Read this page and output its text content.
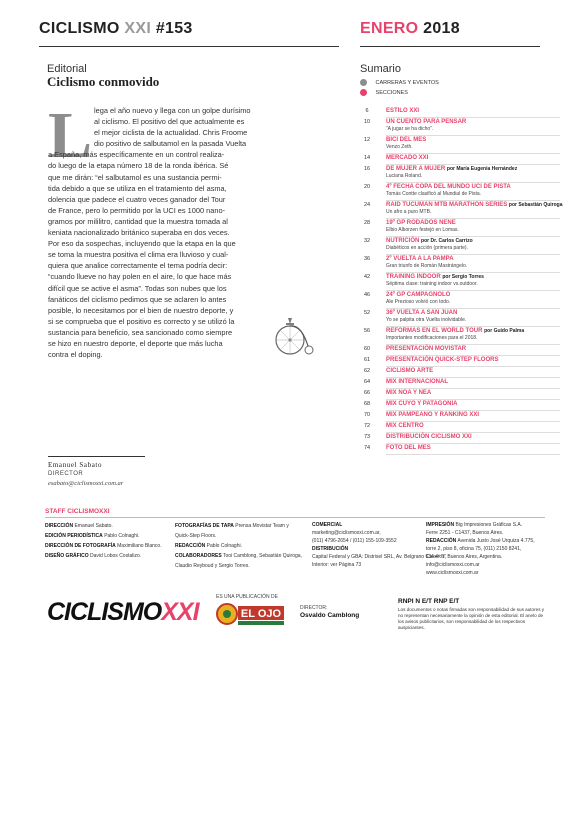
CICLISMO XXI #153	ENERO 2018
Editorial
Ciclismo conmovido
L lega el año nuevo y llega con un golpe durísimo
al ciclismo. El positivo del que actualmente es
el mejor ciclista de la actualidad. Chris Froome
dio positivo de salbutamol en la pasada Vuelta
a España, más específicamente en un control realiza-
do luego de la etapa número 18 de la ronda ibérica. Sé
que me dirán: “el salbutamol es una sustancia permi-
tida debido a que se utiliza en el tratamiento del asma,
dolencia que padece el cuatro veces ganador del Tour
de France, pero lo permitido por la UCI es 1000 nano-
gramos por mililitro, cantidad que la muestra tomada al
keniata nacionalizado británico superaba en dos veces.
Por eso da sospechas, incluyendo que la etapa en la que
se toma la muestra positiva el clima era lluvioso y cual-
quiera que analice correctamente el tema podría decir:
“cuando llueve no hay polen en el aire, lo que hace más
difícil que se active el asma”. Todas son nubes que los
fanáticos del ciclismo pedimos que se aclaren lo antes
posible, lo necesitamos por el bien de nuestro deporte, y
si se comprueba que el positivo es correcto y se utilizó la
sustancia para beneficio, sea sancionado como siempre
se hizo en nuestro deporte, el deporte que más lucha
contra el doping.
Emanuel Sabato
DIRECTOR
esabato@ciclismoxxi.com.ar
Sumario
CARRERAS Y EVENTOS
SECCIONES
6	ESTILO XXI
10	UN CUENTO PARA PENSAR
“A jugar se ha dicho”.
12	BICI DEL MES
Venzo Zeth.
14	MERCADO XXI
16	DE MUJER A MUJER por María Eugenia Hernández
Luciana Roland.
20	4º FECHA COPA DEL MUNDO UCI DE PISTA
Tomás Contte clasificó al Mundial de Pista.
24	RAID TUCUMAN MTB MARATHON SERIES por Sebastián Quiroga
Un afro a puro MTB.
28	19º GP RODADOS NENE
Elbio Alborzen festejó en Lomas.
32	NUTRICIÓN por Dr. Carlos Carrizo
Diabéticos en acción (primera parte).
36	2º VUELTA A LA PAMPA
Gran triunfo de Román Mastrángelo.
42	TRAINING INDOOR por Sergio Torres
Séptima clase: training indoor vs.outdoor.
46	24º GP CAMPAGNOLO
Ale Prezioso volvió con todo.
52	36º VUELTA A SAN JUAN
Yo se palpita otra Vuelta inolvidable.
56	REFORMAS EN EL WORLD TOUR por Guido Palma
Importantes modificaciones para el 2018.
60	PRESENTACIÓN MOVISTAR
61	PRESENTACIÓN QUICK-STEP FLOORS
62	CICLISMO ARTE
64	MIX INTERNACIONAL
66	MIX NOA Y NEA
68	MIX CUYO Y PATAGONIA
70	MIX PAMPEANO Y RANKING XXI
72	MIX CENTRO
73	DISTRIBUCIÓN CICLISMO XXI
74	FOTO DEL MES
STAFF CICLISMOXXI
DIRECCIÓN Emanuel Sabato.
EDICIÓN PERIODÍSTICA Pablo Colnaghi.
DIRECCIÓN DE FOTOGRAFÍA Maximiliano Blanco.
DISEÑO GRÁFICO David Lobos Costalizo.
FOTOGRAFÍAS DE TAPA Prensa Movistar Team y
Quick-Step Floors.
REDACCIÓN Pablo Colnaghi.
COLABORADORES Tooi Camblong, Sebastián Quiroga,
Claudio Reyboud y Sergio Torres.
COMERCIAL
marketing@ciclismoxxi.com.ar,
(011) 4796-2654 / (011) 155-109-3552
DISTRIBUCIÓN
Capital Federal y GBA: Distrisel SRL, Av. Belgrano 634 4º "I"
Interior: ver Página 73
IMPRESIÓN Big Impresiones Gráficas S.A.
Ferre 2251 - C1437, Buenos Aires.
REDACCIÓN Avenida Justo José Urquiza 4.775,
torre 2, piso 8, oficina 75, (011) 2150 8241,
Caseros, Buenos Aires, Argentina.
info@ciclismoxxi.com.ar
www.ciclismoxxi.com.ar
CICLISMOXXI
ES UNA PUBLICACIÓN DE
EL OJO	DIRECTOR:
Osvaldo Camblong
RNPI N E/T RNP E/T
Los documentos o notas firmadas son responsabilidad de sus autores y no representan necesariamente la opinión de esta editorial. El anelo de los avisos publicitarios, son responsabilidad de los respectivos auspiciantes.
